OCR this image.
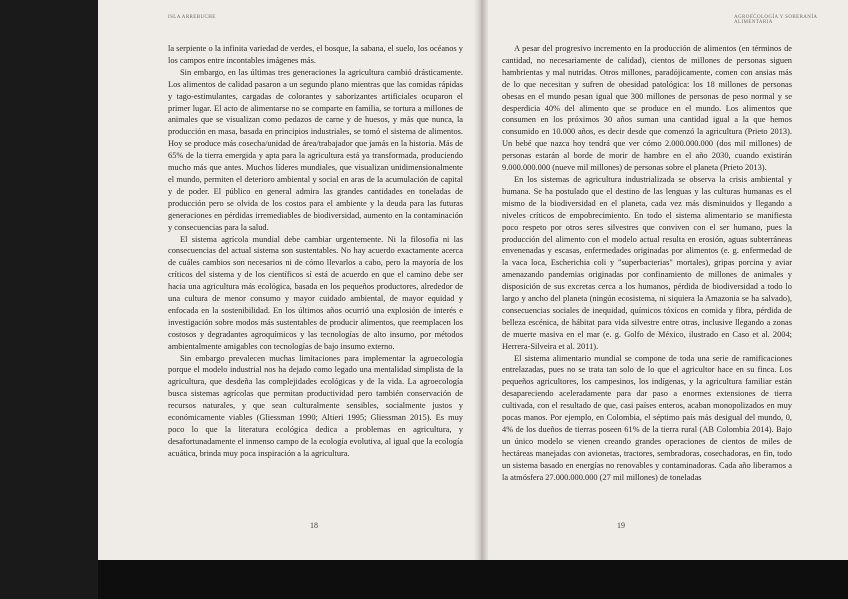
ISLA ARREBUCHE

la serpiente o la infinita variedad de verdes, el bosque, la sabana, el suelo, los océanos y los campos entre incontables imágenes más.

Sin embargo, en las últimas tres generaciones la agricultura cambió drásticamente. Los alimentos de calidad pasaron a un segundo plano mientras que las comidas rápidas y tago-estimulantes, cargadas de colorantes y saborizantes artificiales ocuparon el primer lugar. El acto de alimentarse no se comparte en familia, se tortura a millones de animales que se visualizan como pedazos de carne y de huesos, y más que nunca, la producción en masa, basada en principios industriales, se tomó el sistema de alimentos. Hoy se produce más cosecha/unidad de área/trabajador que jamás en la historia. Más de 65% de la tierra emergida y apta para la agricultura está ya transformada, produciendo mucho más que antes. Muchos líderes mundiales, que visualizan unidimensionalmente el mundo, permiten el deterioro ambiental y social en aras de la acumulación de capital y de poder. El público en general admira las grandes cantidades en toneladas de producción pero se olvida de los costos para el ambiente y la deuda para las futuras generaciones en pérdidas irremediables de biodiversidad, aumento en la contaminación y consecuencias para la salud.

El sistema agrícola mundial debe cambiar urgentemente. Ni la filosofía ni las consecuencias del actual sistema son sustentables. No hay acuerdo exactamente acerca de cuáles cambios son necesarios ni de cómo llevarlos a cabo, pero la mayoría de los críticos del sistema y de los científicos sí está de acuerdo en que el camino debe ser hacia una agricultura más ecológica, basada en los pequeños productores, alrededor de una cultura de menor consumo y mayor cuidado ambiental, de mayor equidad y enfocada en la sostenibilidad. En los últimos años ocurrió una explosión de interés e investigación sobre modos más sustentables de producir alimentos, que reemplacen los costosos y degradantes agroquímicos y las tecnologías de alto insumo, por métodos ambientalmente amigables con tecnologías de bajo insumo externo.

Sin embargo prevalecen muchas limitaciones para implementar la agroecología porque el modelo industrial nos ha dejado como legado una mentalidad simplista de la agricultura, que desdeña las complejidades ecológicas y de la vida. La agroecología busca sistemas agrícolas que permitan productividad pero también conservación de recursos naturales, y que sean culturalmente sensibles, socialmente justos y económicamente viables (Gliessman 1990; Altieri 1995; Gliessman 2015). Es muy poco lo que la literatura ecológica dedica a problemas en agricultura, y desafortunadamente el inmenso campo de la ecología evolutiva, al igual que la ecología acuática, brinda muy poca inspiración a la agricultura.

18
AGROECOLOGÍA Y SOBERANÍA ALIMENTARIA

A pesar del progresivo incremento en la producción de alimentos (en términos de cantidad, no necesariamente de calidad), cientos de millones de personas siguen hambrientas y mal nutridas. Otros millones, paradójicamente, comen con ansias más de lo que necesitan y sufren de obesidad patológica: los 18 millones de personas obesas en el mundo pesan igual que 300 millones de personas de peso normal y se desperdicia 40% del alimento que se produce en el mundo. Los alimentos que consumen en los próximos 30 años suman una cantidad igual a la que hemos consumido en 10.000 años, es decir desde que comenzó la agricultura (Prieto 2013). Un bebé que nazca hoy tendrá que ver cómo 2.000.000.000 (dos mil millones) de personas estarán al borde de morir de hambre en el año 2030, cuando existirán 9.000.000.000 (nueve mil millones) de personas sobre el planeta (Prieto 2013).

En los sistemas de agricultura industrializada se observa la crisis ambiental y humana. Se ha postulado que el destino de las lenguas y las culturas humanas es el mismo de la biodiversidad en el planeta, cada vez más disminuidos y llegando a niveles críticos de empobrecimiento. En todo el sistema alimentario se manifiesta poco respeto por otros seres silvestres que conviven con el ser humano, pues la producción del alimento con el modelo actual resulta en erosión, aguas subterráneas envenenadas y escasas, enfermedades originadas por alimentos (e. g. enfermedad de la vaca loca, Escherichia coli y "superbacterias" mortales), gripas porcina y aviar amenazando pandemias originadas por confinamiento de millones de animales y disposición de sus excretas cerca a los humanos, pérdida de biodiversidad a todo lo largo y ancho del planeta (ningún ecosistema, ni siquiera la Amazonia se ha salvado), consecuencias sociales de inequidad, químicos tóxicos en comida y fibra, pérdida de belleza escénica, de hábitat para vida silvestre entre otras, inclusive llegando a zonas de muerte masiva en el mar (e. g. Golfo de México, ilustrado en Caso et al. 2004; Herrera-Silveira et al. 2011).

El sistema alimentario mundial se compone de toda una serie de ramificaciones entrelazadas, pues no se trata tan solo de lo que el agricultor hace en su finca. Los pequeños agricultores, los campesinos, los indígenas, y la agricultura familiar están desapareciendo aceleradamente para dar paso a enormes extensiones de tierra cultivada, con el resultado de que, casi países enteros, acaban monopolizados en muy pocas manos. Por ejemplo, en Colombia, el séptimo país más desigual del mundo, 0, 4% de los dueños de tierras poseen 61% de la tierra rural (AB Colombia 2014). Bajo un único modelo se vienen creando grandes operaciones de cientos de miles de hectáreas manejadas con avionetas, tractores, sembradoras, cosechadoras, en fin, todo un sistema basado en energías no renovables y contaminadoras. Cada año liberamos a la atmósfera 27.000.000.000 (27 mil millones) de toneladas

19
